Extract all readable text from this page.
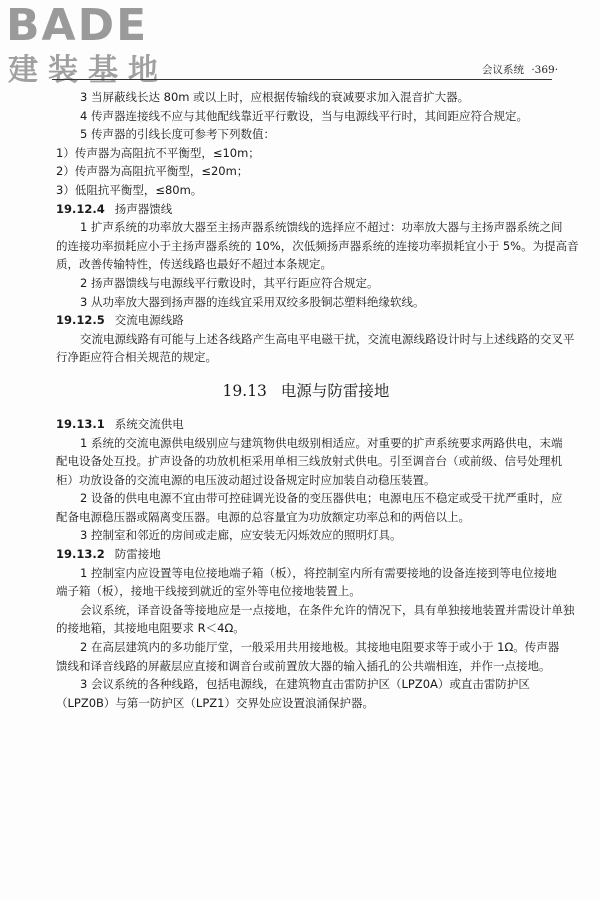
BADE
建装基地	会议系统 ·369·
3 当屏蔽线长达 80m 或以上时，应根据传输线的衰减要求加入混音扩大器。
4 传声器连接线不应与其他配线靠近平行敷设，当与电源线平行时，其间距应符合规定。
5 传声器的引线长度可参考下列数值：
1）传声器为高阻抗不平衡型，≤10m；
2）传声器为高阻抗平衡型，≤20m；
3）低阻抗平衡型，≤80m。
19.12.4 扬声器馈线
1 扩声系统的功率放大器至主扬声器系统馈线的选择应不超过：功率放大器与主扬声器系统之间
的连接功率损耗应小于主扬声器系统的 10%，次低频扬声器系统的连接功率损耗宜小于 5%。为提高音
质，改善传输特性，传送线路也最好不超过本条规定。
2 扬声器馈线与电源线平行敷设时，其平行距应符合规定。
3 从功率放大器到扬声器的连线宜采用双绞多股铜芯塑料绝缘软线。
19.12.5 交流电源线路
交流电源线路有可能与上述各线路产生高电平电磁干扰，交流电源线路设计时与上述线路的交叉平
行净距应符合相关规范的规定。
19.13 电源与防雷接地
19.13.1 系统交流供电
1 系统的交流电源供电级别应与建筑物供电级别相适应。对重要的扩声系统要求两路供电，末端
配电设备处互投。扩声设备的功放机柜采用单相三线放射式供电。引至调音台（或前级、信号处理机
柜）功放设备的交流电源的电压波动超过设备规定时应加装自动稳压装置。
2 设备的供电电源不宜由带可控硅调光设备的变压器供电；电源电压不稳定或受干扰严重时，应
配备电源稳压器或隔离变压器。电源的总容量宜为功放额定功率总和的两倍以上。
3 控制室和邻近的房间或走廊，应安装无闪烁效应的照明灯具。
19.13.2 防雷接地
1 控制室内应设置等电位接地端子箱（板），将控制室内所有需要接地的设备连接到等电位接地
端子箱（板），接地干线接到就近的室外等电位接地装置上。
会议系统，译音设备等接地应是一点接地，在条件允许的情况下，具有单独接地装置并需设计单独
的接地箱，其接地电阻要求 R＜4Ω。
2 在高层建筑内的多功能厅堂，一般采用共用接地极。其接地电阻要求等于或小于 1Ω。传声器
馈线和译音线路的屏蔽层应直接和调音台或前置放大器的输入插孔的公共端相连，并作一点接地。
3 会议系统的各种线路，包括电源线，在建筑物直击雷防护区（LPZ0A）或直击雷防护区
（LPZ0B）与第一防护区（LPZ1）交界处应设置浪涌保护器。
